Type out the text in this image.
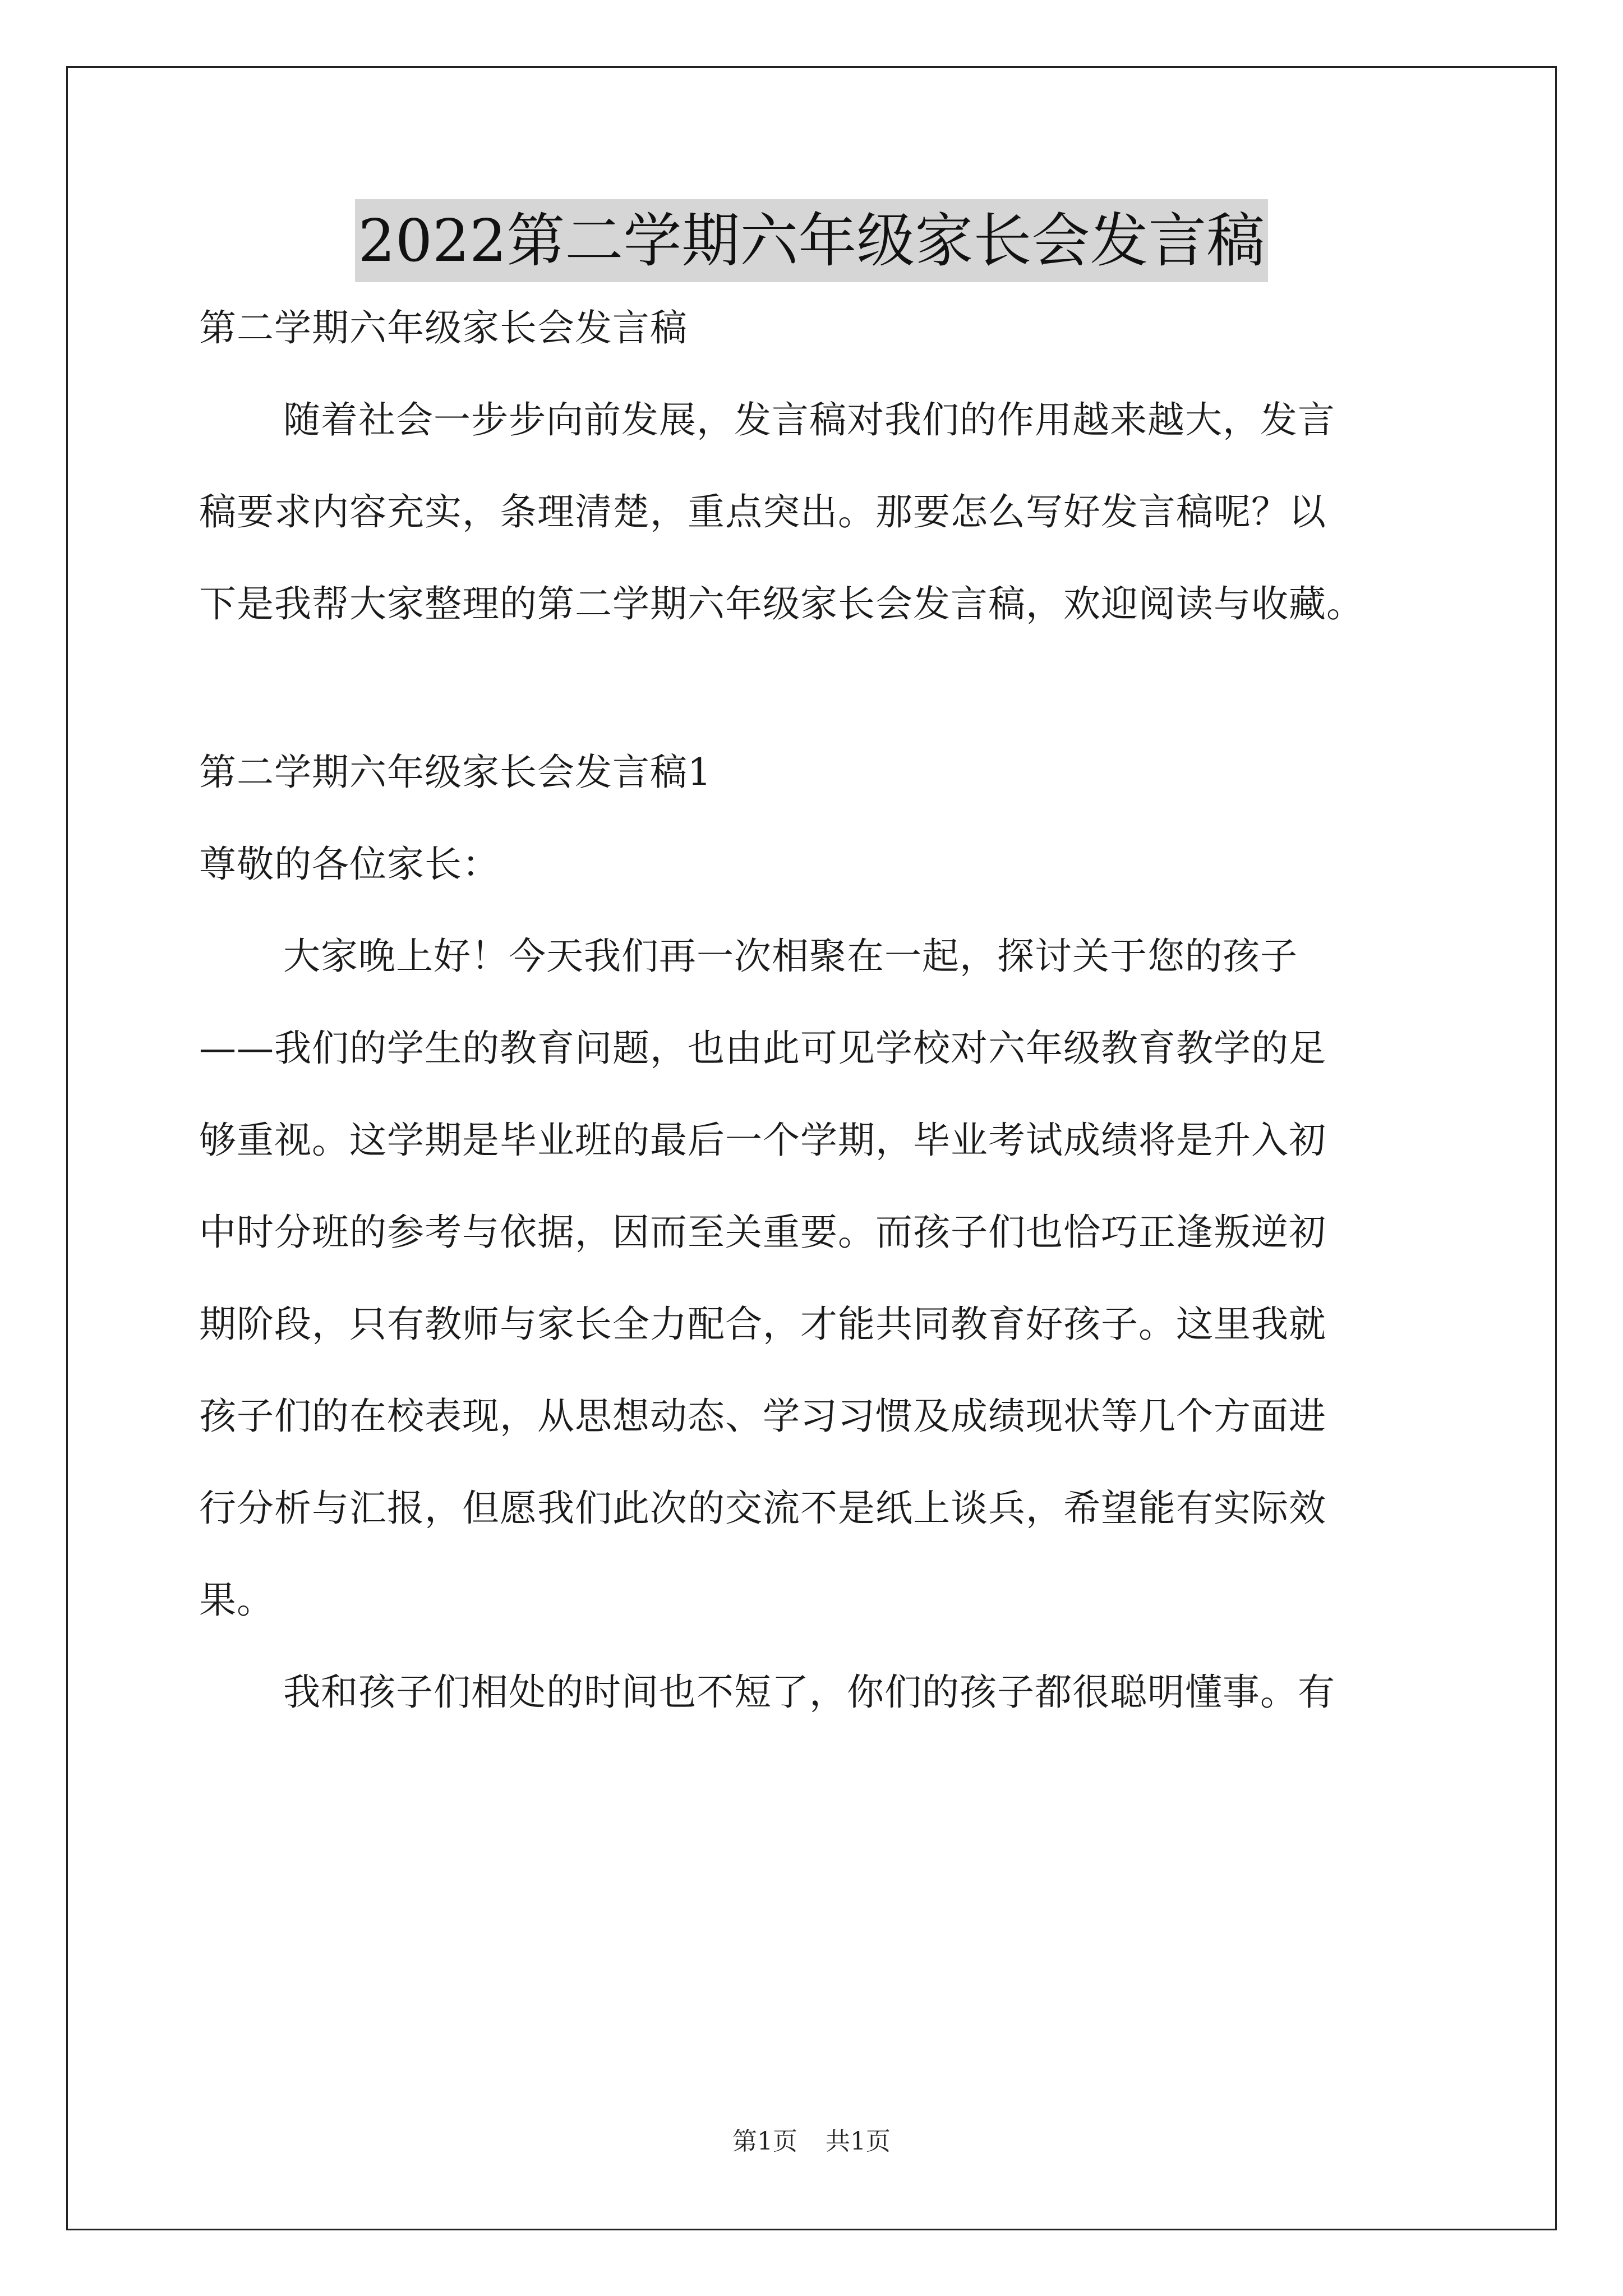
2022第二学期六年级家长会发言稿

第二学期六年级家长会发言稿

随着社会一步步向前发展，发言稿对我们的作用越来越大，发言

稿要求内容充实，条理清楚，重点突出。那要怎么写好发言稿呢？以

下是我帮大家整理的第二学期六年级家长会发言稿，欢迎阅读与收藏。

第二学期六年级家长会发言稿1

尊敬的各位家长：

大家晚上好！今天我们再一次相聚在一起，探讨关于您的孩子

——我们的学生的教育问题，也由此可见学校对六年级教育教学的足

够重视。这学期是毕业班的最后一个学期，毕业考试成绩将是升入初

中时分班的参考与依据，因而至关重要。而孩子们也恰巧正逢叛逆初

期阶段，只有教师与家长全力配合，才能共同教育好孩子。这里我就

孩子们的在校表现，从思想动态、学习习惯及成绩现状等几个方面进

行分析与汇报，但愿我们此次的交流不是纸上谈兵，希望能有实际效

果。

我和孩子们相处的时间也不短了，你们的孩子都很聪明懂事。有

第1页 共1页
